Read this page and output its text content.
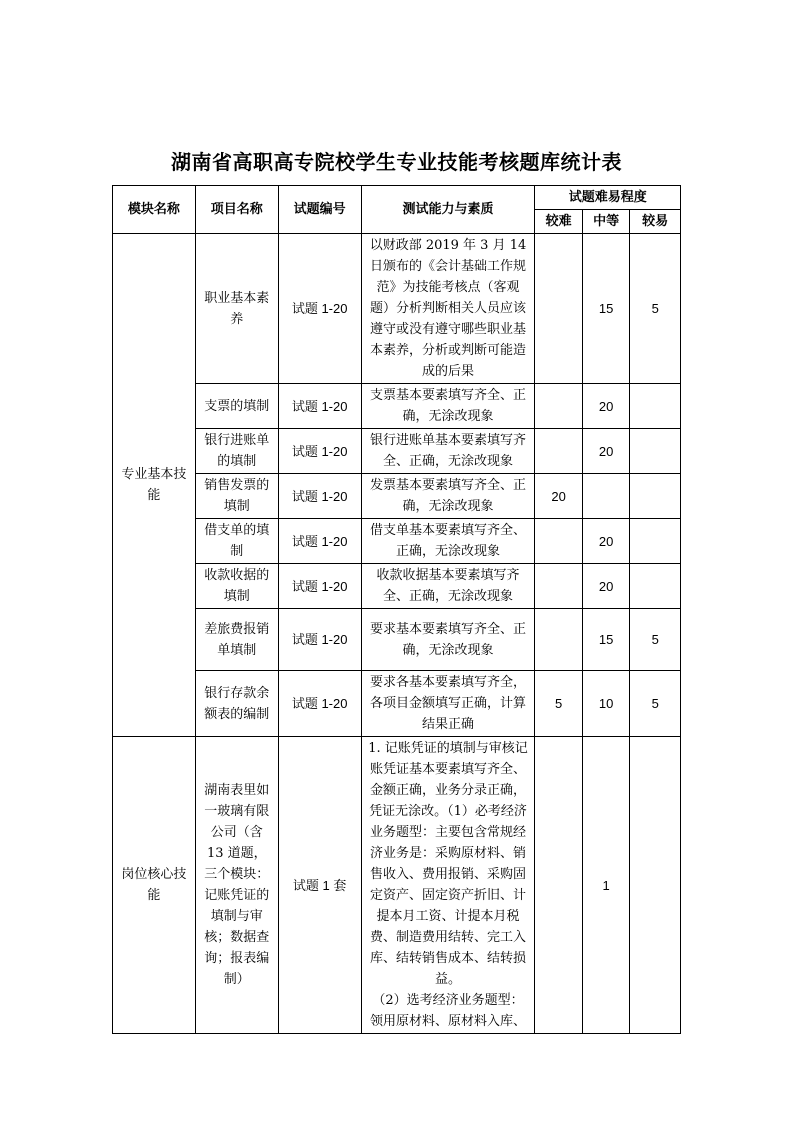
湖南省高职高专院校学生专业技能考核题库统计表
模块名称	项目名称	试题编号	测试能力与素质	试题难易程度		
				较难	中等	较易
专业基本技能	职业基本素养	试题 1-20	以财政部 2019 年 3 月 14 日颁布的《会计基础工作规范》为技能考核点（客观题）分析判断相关人员应该遵守或没有遵守哪些职业基本素养，分析或判断可能造成的后果		15	5
	支票的填制	试题 1-20	支票基本要素填写齐全、正确，无涂改现象		20	
	银行进账单的填制	试题 1-20	银行进账单基本要素填写齐全、正确，无涂改现象		20	
	销售发票的填制	试题 1-20	发票基本要素填写齐全、正确，无涂改现象	20		
	借支单的填制	试题 1-20	借支单基本要素填写齐全、正确，无涂改现象		20	
	收款收据的填制	试题 1-20	收款收据基本要素填写齐全、正确，无涂改现象		20	
	差旅费报销单填制	试题 1-20	要求基本要素填写齐全、正确，无涂改现象		15	5
	银行存款余额表的编制	试题 1-20	要求各基本要素填写齐全，各项目金额填写正确，计算结果正确	5	10	5
岗位核心技能	湖南表里如一玻璃有限公司（含 13 道题，三个模块：记账凭证的填制与审核；数据查询；报表编制）	试题 1 套	1. 记账凭证的填制与审核记账凭证基本要素填写齐全、金额正确，业务分录正确，凭证无涂改。（1）必考经济业务题型：主要包含常规经济业务是：采购原材料、销售收入、费用报销、采购固定资产、固定资产折旧、计提本月工资、计提本月税费、制造费用结转、完工入库、结转销售成本、结转损益。
（2）选考经济业务题型：领用原材料、原材料入库、		1	
